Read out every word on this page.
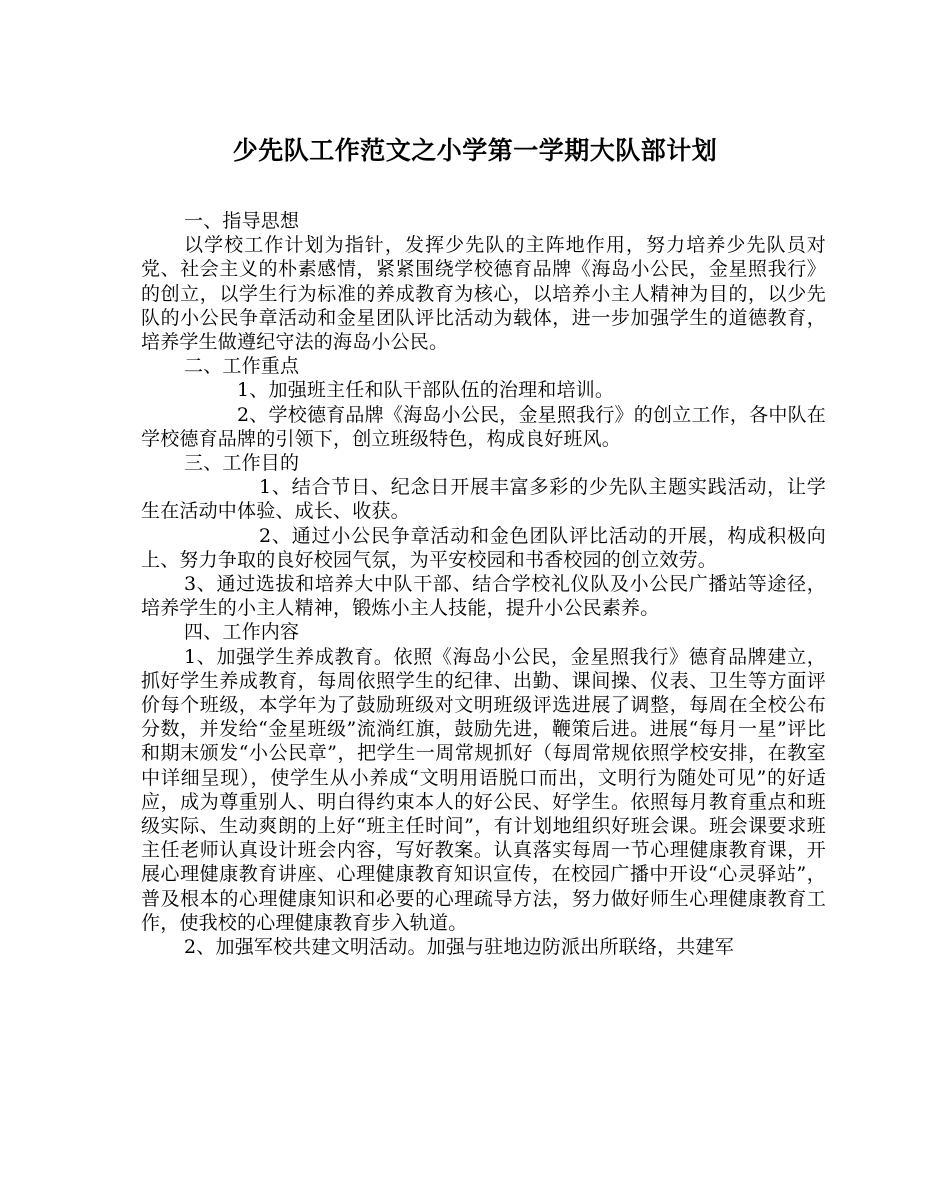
少先队工作范文之小学第一学期大队部计划

一、指导思想

以学校工作计划为指针，发挥少先队的主阵地作用，努力培养少先队员对党、社会主义的朴素感情，紧紧围绕学校德育品牌《海岛小公民，金星照我行》的创立，以学生行为标准的养成教育为核心，以培养小主人精神为目的，以少先队的小公民争章活动和金星团队评比活动为载体，进一步加强学生的道德教育，培养学生做遵纪守法的海岛小公民。

二、工作重点

1、加强班主任和队干部队伍的治理和培训。

2、学校德育品牌《海岛小公民，金星照我行》的创立工作，各中队在学校德育品牌的引领下，创立班级特色，构成良好班风。

三、工作目的

1、结合节日、纪念日开展丰富多彩的少先队主题实践活动，让学生在活动中体验、成长、收获。

2、通过小公民争章活动和金色团队评比活动的开展，构成积极向上、努力争取的良好校园气氛，为平安校园和书香校园的创立效劳。

3、通过选拔和培养大中队干部、结合学校礼仪队及小公民广播站等途径，培养学生的小主人精神，锻炼小主人技能，提升小公民素养。

四、工作内容

1、加强学生养成教育。依照《海岛小公民，金星照我行》德育品牌建立，抓好学生养成教育，每周依照学生的纪律、出勤、课间操、仪表、卫生等方面评价每个班级，本学年为了鼓励班级对文明班级评选进展了调整，每周在全校公布分数，并发给“金星班级”流淌红旗，鼓励先进，鞭策后进。进展“每月一星”评比和期末颁发“小公民章”，把学生一周常规抓好（每周常规依照学校安排，在教室中详细呈现），使学生从小养成“文明用语脱口而出，文明行为随处可见”的好适应，成为尊重别人、明白得约束本人的好公民、好学生。依照每月教育重点和班级实际、生动爽朗的上好“班主任时间”，有计划地组织好班会课。班会课要求班主任老师认真设计班会内容，写好教案。认真落实每周一节心理健康教育课，开展心理健康教育讲座、心理健康教育知识宣传，在校园广播中开设“心灵驿站”，普及根本的心理健康知识和必要的心理疏导方法，努力做好师生心理健康教育工作，使我校的心理健康教育步入轨道。

2、加强军校共建文明活动。加强与驻地边防派出所联络，共建军
